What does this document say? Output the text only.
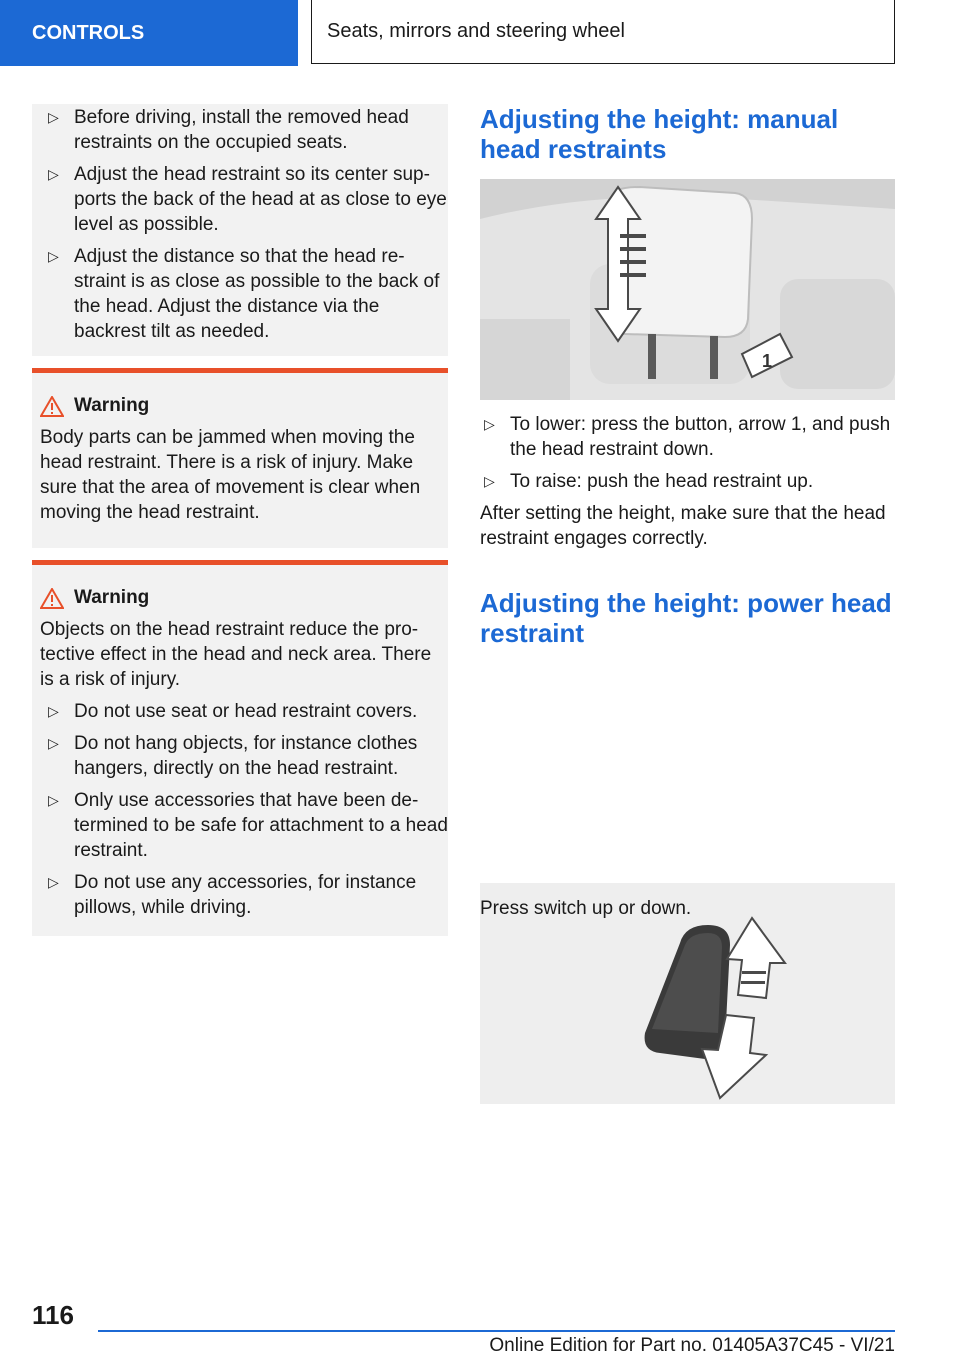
CONTROLS	Seats, mirrors and steering wheel
▷ Before driving, install the removed head restraints on the occupied seats.
▷ Adjust the head restraint so its center sup-ports the back of the head at as close to eye level as possible.
▷ Adjust the distance so that the head re-straint is as close as possible to the back of the head. Adjust the distance via the backrest tilt as needed.
Warning
Body parts can be jammed when moving the head restraint. There is a risk of injury. Make sure that the area of movement is clear when moving the head restraint.
Warning
Objects on the head restraint reduce the pro-tective effect in the head and neck area. There is a risk of injury.
▷ Do not use seat or head restraint covers.
▷ Do not hang objects, for instance clothes hangers, directly on the head restraint.
▷ Only use accessories that have been de-termined to be safe for attachment to a head restraint.
▷ Do not use any accessories, for instance pillows, while driving.
Adjusting the height: manual head restraints
1
▷ To lower: press the button, arrow 1, and push the head restraint down.
▷ To raise: push the head restraint up.
After setting the height, make sure that the head restraint engages correctly.
Adjusting the height: power head restraint
Press switch up or down.
116
Online Edition for Part no. 01405A37C45 - VI/21
